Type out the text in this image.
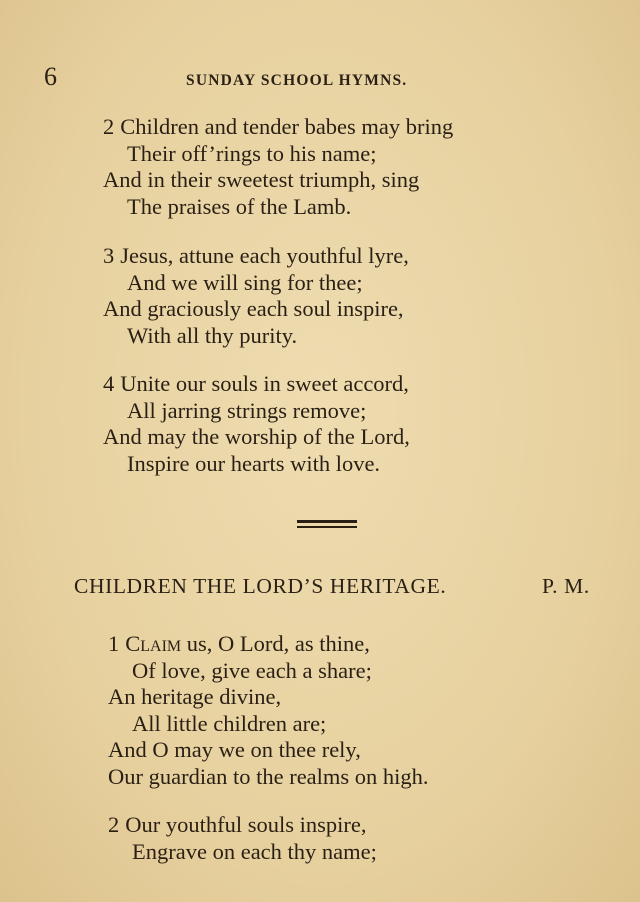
6	SUNDAY SCHOOL HYMNS.
2 Children and tender babes may bring
Their off’rings to his name;
And in their sweetest triumph, sing
The praises of the Lamb.
3 Jesus, attune each youthful lyre,
And we will sing for thee;
And graciously each soul inspire,
With all thy purity.
4 Unite our souls in sweet accord,
All jarring strings remove;
And may the worship of the Lord,
Inspire our hearts with love.
CHILDREN THE LORD’S HERITAGE.	P. M.
1 Claim us, O Lord, as thine,
Of love, give each a share;
An heritage divine,
All little children are;
And O may we on thee rely,
Our guardian to the realms on high.
2 Our youthful souls inspire,
Engrave on each thy name;
